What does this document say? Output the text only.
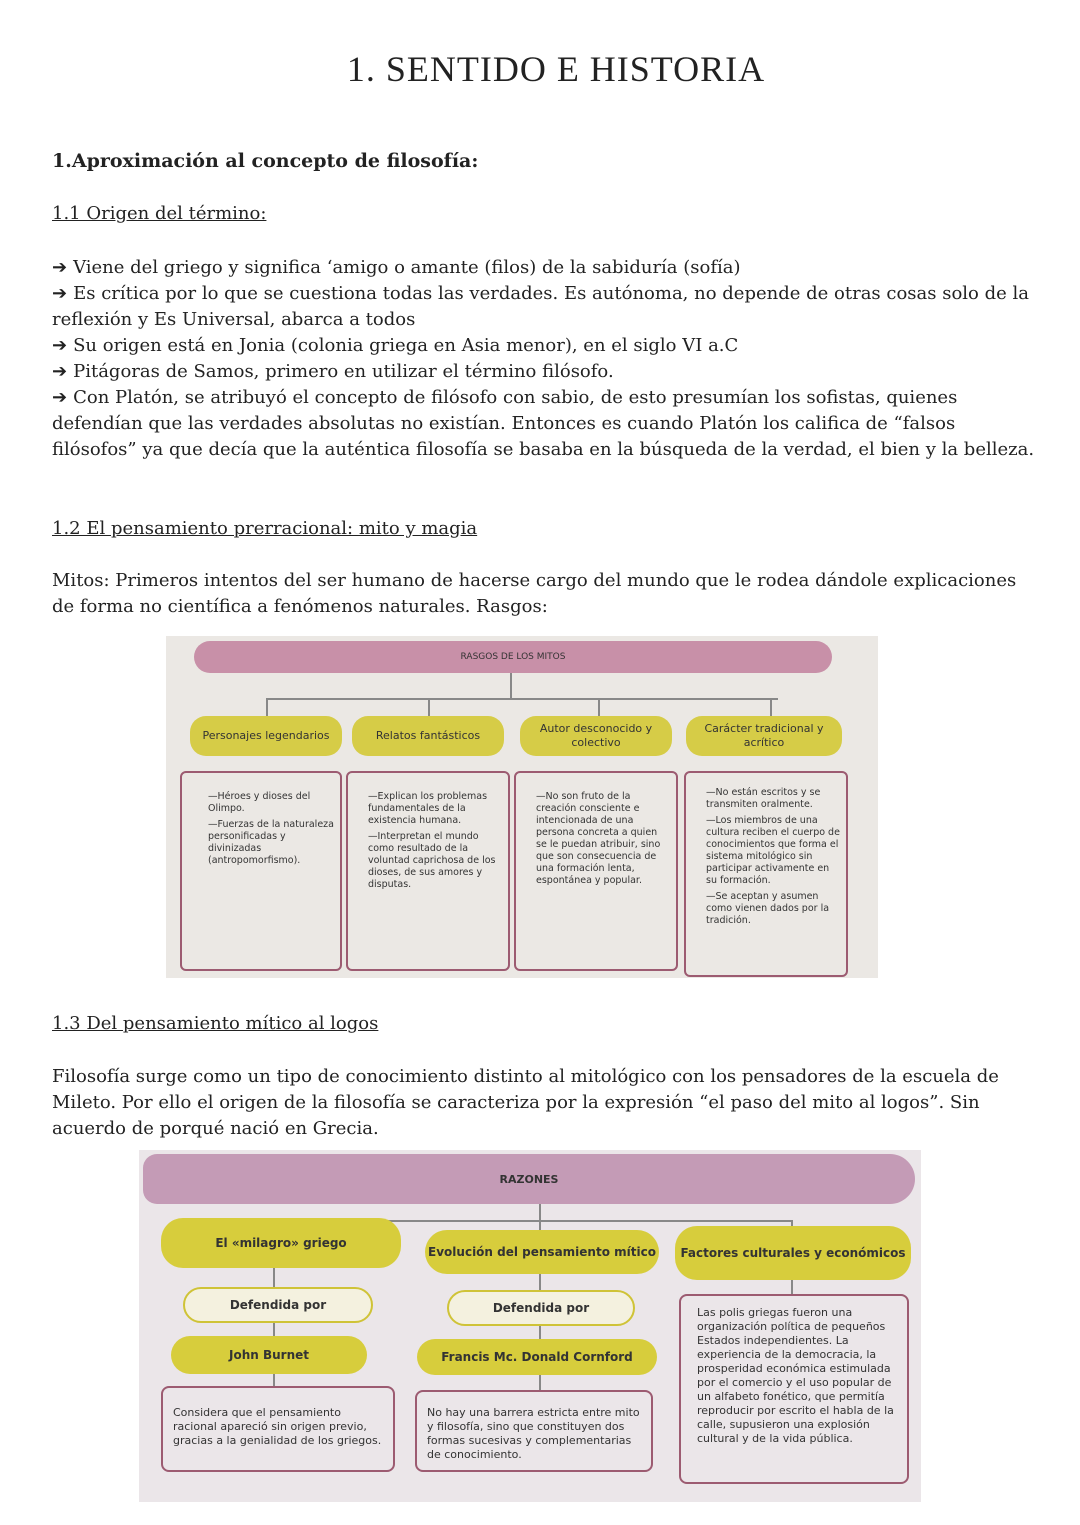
1. SENTIDO E HISTORIA
1.Aproximación al concepto de filosofía:
1.1 Origen del término:

➔ Viene del griego y significa ‘amigo o amante (filos) de la sabiduría (sofía)

➔ Es crítica por lo que se cuestiona todas las verdades. Es autónoma, no depende de otras cosas solo de la reflexión y Es Universal, abarca a todos

➔ Su origen está en Jonia (colonia griega en Asia menor), en el siglo VI a.C

➔ Pitágoras de Samos, primero en utilizar el término filósofo.

➔ Con Platón, se atribuyó el concepto de filósofo con sabio, de esto presumían los sofistas, quienes defendían que las verdades absolutas no existían. Entonces es cuando Platón los califica de “falsos filósofos” ya que decía que la auténtica filosofía se basaba en la búsqueda de la verdad, el bien y la belleza.

1.2 El pensamiento prerracional: mito y magia
Mitos: Primeros intentos del ser humano de hacerse cargo del mundo que le rodea dándole explicaciones de forma no científica a fenómenos naturales. Rasgos:
RASGOS DE LOS MITOS
Personajes legendarios	Relatos fantásticos
Autor desconocido y colectivo
Carácter tradicional y acrítico

—Héroes y dioses del Olimpo.

—Fuerzas de la naturaleza personificadas y divinizadas (antropomorfismo).

—Explican los problemas fundamentales de la existencia humana.

—Interpretan el mundo como resultado de la voluntad caprichosa de los dioses, de sus amores y disputas.

—No son fruto de la creación consciente e intencionada de una persona concreta a quien se le puedan atribuir, sino que son consecuencia de una formación lenta, espontánea y popular.

—No están escritos y se transmiten oralmente.

—Los miembros de una cultura reciben el cuerpo de conocimientos que forma el sistema mitológico sin participar activamente en su formación.

—Se aceptan y asumen como vienen dados por la tradición.

1.3 Del pensamiento mítico al logos
Filosofía surge como un tipo de conocimiento distinto al mitológico con los pensadores de la escuela de Mileto. Por ello el origen de la filosofía se caracteriza por la expresión “el paso del mito al logos”. Sin acuerdo de porqué nació en Grecia.
RAZONES
El «milagro» griego
Defendida por
John Burnet
Considera que el pensamiento racional apareció sin origen previo, gracias a la genialidad de los griegos.
Evolución del pensamiento mítico
Defendida por
Francis Mc. Donald Cornford
No hay una barrera estricta entre mito y filosofía, sino que constituyen dos formas sucesivas y complementarias de conocimiento.
Factores culturales y económicos
Las polis griegas fueron una organización política de pequeños Estados independientes. La experiencia de la democracia, la prosperidad económica estimulada por el comercio y el uso popular de un alfabeto fonético, que permitía reproducir por escrito el habla de la calle, supusieron una explosión cultural y de la vida pública.
